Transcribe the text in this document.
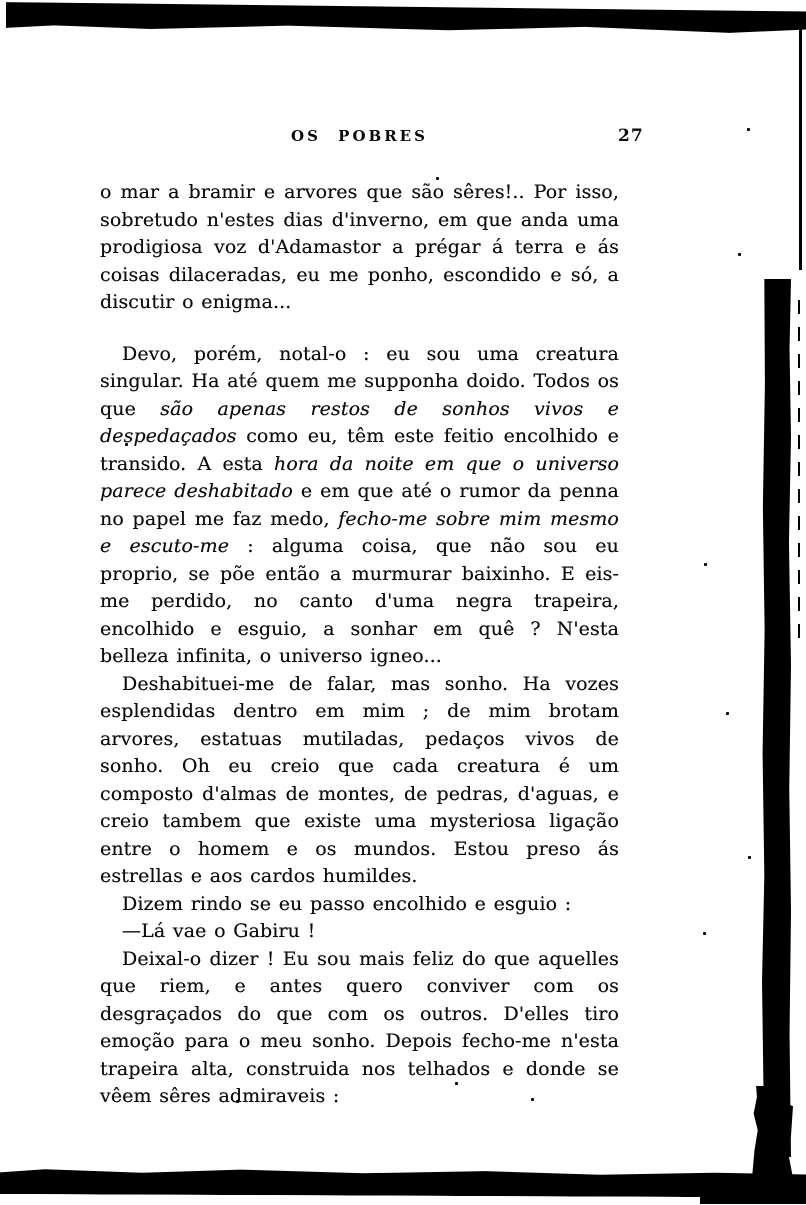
OS POBRES	27

o mar a bramir e arvores que são sêres!.. Por isso, sobretudo n'estes dias d'inverno, em que anda uma prodigiosa voz d'Adamastor a prégar á terra e ás coisas dilaceradas, eu me ponho, escondido e só, a discutir o enigma...

Devo, porém, notal-o : eu sou uma creatura singular. Ha até quem me supponha doido. Todos os que são apenas restos de sonhos vivos e despedaçados como eu, têm este feitio encolhido e transido. A esta hora da noite em que o universo parece deshabitado e em que até o rumor da penna no papel me faz medo, fecho-me sobre mim mesmo e escuto-me : alguma coisa, que não sou eu proprio, se põe então a murmurar baixinho. E eis-me perdido, no canto d'uma negra trapeira, encolhido e esguio, a sonhar em quê ? N'esta belleza infinita, o universo igneo...

Deshabituei-me de falar, mas sonho. Ha vozes esplendidas dentro em mim ; de mim brotam arvores, estatuas mutiladas, pedaços vivos de sonho. Oh eu creio que cada creatura é um composto d'almas de montes, de pedras, d'aguas, e creio tambem que existe uma mysteriosa ligação entre o homem e os mundos. Estou preso ás estrellas e aos cardos humildes.

Dizem rindo se eu passo encolhido e esguio :

—Lá vae o Gabiru !

Deixal-o dizer ! Eu sou mais feliz do que aquelles que riem, e antes quero conviver com os desgraçados do que com os outros. D'elles tiro emoção para o meu sonho. Depois fecho-me n'esta trapeira alta, construida nos telhados e donde se vêem sêres admiraveis :
